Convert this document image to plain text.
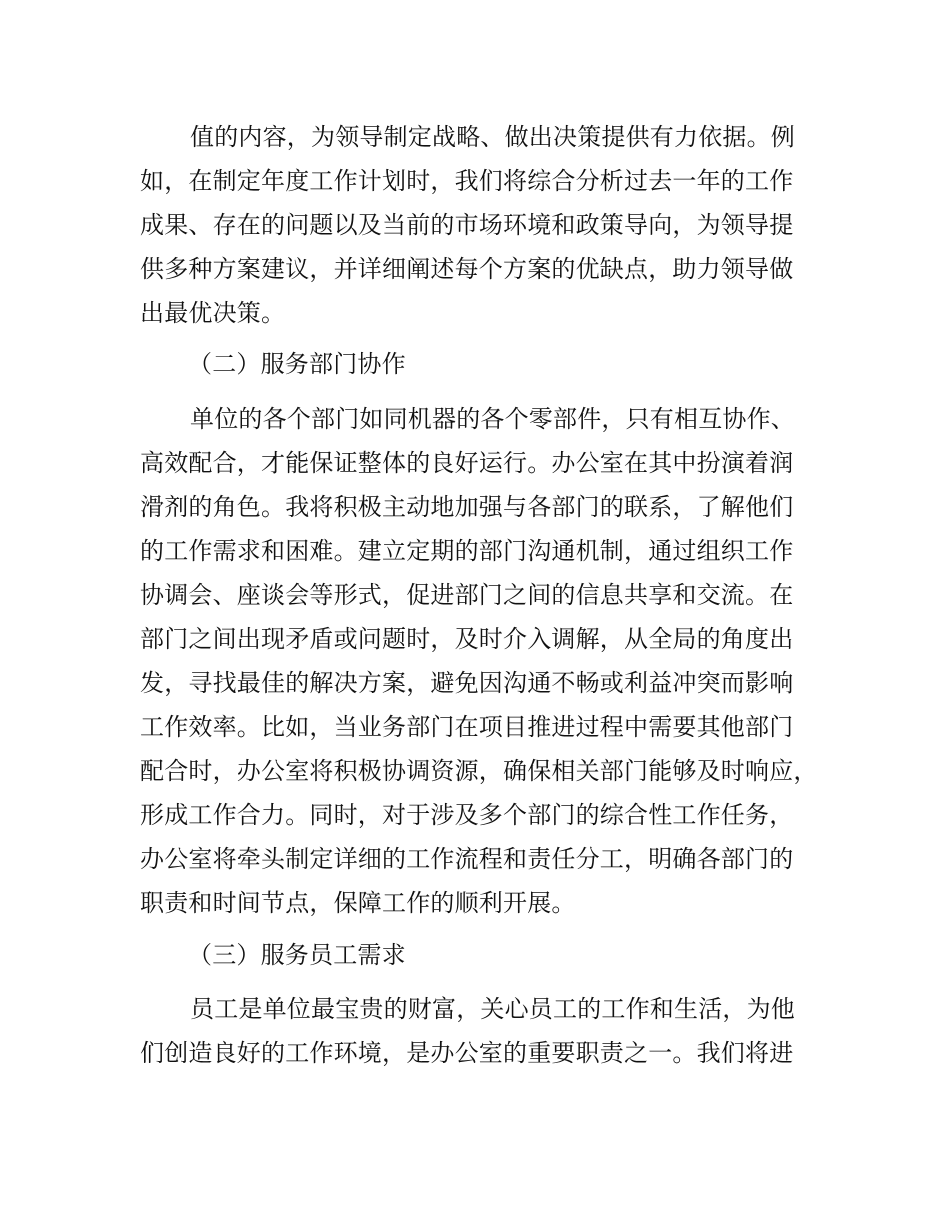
值的内容，为领导制定战略、做出决策提供有力依据。例
如，在制定年度工作计划时，我们将综合分析过去一年的工作
成果、存在的问题以及当前的市场环境和政策导向，为领导提
供多种方案建议，并详细阐述每个方案的优缺点，助力领导做
出最优决策。
（二）服务部门协作
单位的各个部门如同机器的各个零部件，只有相互协作、
高效配合，才能保证整体的良好运行。办公室在其中扮演着润
滑剂的角色。我将积极主动地加强与各部门的联系，了解他们
的工作需求和困难。建立定期的部门沟通机制，通过组织工作
协调会、座谈会等形式，促进部门之间的信息共享和交流。在
部门之间出现矛盾或问题时，及时介入调解，从全局的角度出
发，寻找最佳的解决方案，避免因沟通不畅或利益冲突而影响
工作效率。比如，当业务部门在项目推进过程中需要其他部门
配合时，办公室将积极协调资源，确保相关部门能够及时响应，
形成工作合力。同时，对于涉及多个部门的综合性工作任务，
办公室将牵头制定详细的工作流程和责任分工，明确各部门的
职责和时间节点，保障工作的顺利开展。
（三）服务员工需求
员工是单位最宝贵的财富，关心员工的工作和生活，为他
们创造良好的工作环境，是办公室的重要职责之一。我们将进
